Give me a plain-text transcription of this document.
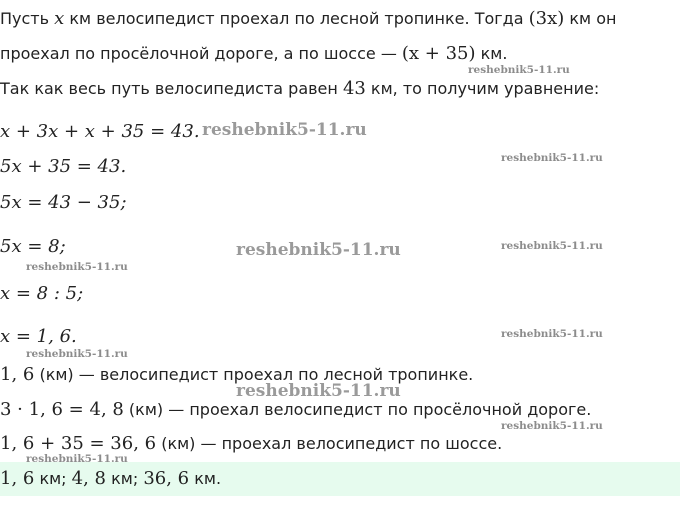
Пусть x км велосипедист проехал по лесной тропинке. Тогда (3x) км он
проехал по просёлочной дороге, а по шоссе — (x + 35) км.
Так как весь путь велосипедиста равен 43 км, то получим уравнение:
x + 3x + x + 35 = 43.
5x + 35 = 43.
5x = 43 − 35;
5x = 8;
x = 8 : 5;
x = 1, 6.
1, 6 (км) — велосипедист проехал по лесной тропинке.
3 · 1, 6 = 4, 8 (км) — проехал велосипедист по просёлочной дороге.
1, 6 + 35 = 36, 6 (км) — проехал велосипедист по шоссе.
1, 6 км; 4, 8 км; 36, 6 км.
reshebnik5-11.ru
reshebnik5-11.ru
reshebnik5-11.ru
reshebnik5-11.ru	reshebnik5-11.ru
reshebnik5-11.ru
reshebnik5-11.ru
reshebnik5-11.ru
reshebnik5-11.ru
reshebnik5-11.ru
reshebnik5-11.ru
